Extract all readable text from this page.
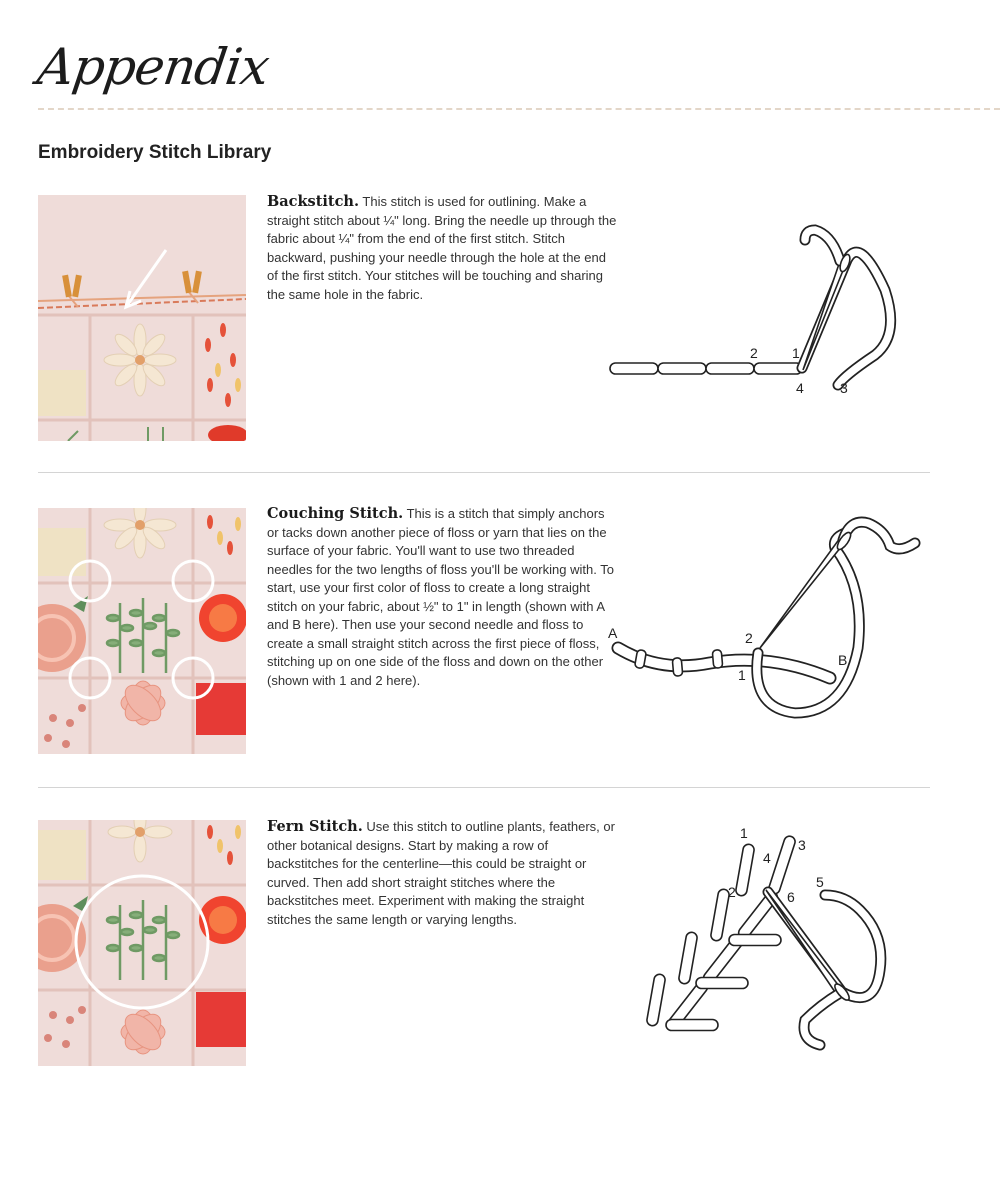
Appendix
Embroidery Stitch Library
Backstitch. This stitch is used for outlining. Make a straight stitch about ¼" long. Bring the needle up through the fabric about ¼" from the end of the first stitch. Stitch backward, pushing your needle through the hole at the end of the first stitch. Your stitches will be touching and sharing the same hole in the fabric.
2 1
4	3
Couching Stitch. This is a stitch that simply anchors or tacks down another piece of floss or yarn that lies on the surface of your fabric. You'll want to use two threaded needles for the two lengths of floss you'll be working with. To start, use your first color of floss to create a long straight stitch on your fabric, about ½" to 1" in length (shown with A and B here). Then use your second needle and floss to create a small straight stitch across the first piece of floss, stitching up on one side of the floss and down on the other (shown with 1 and 2 here).
A	2
1
B
Fern Stitch. Use this stitch to outline plants, feathers, or other botanical designs. Start by making a row of backstitches for the centerline—this could be straight or curved. Then add short straight stitches where the backstitches meet. Experiment with making the straight stitches the same length or varying lengths.
1
3
4
2	6
5
